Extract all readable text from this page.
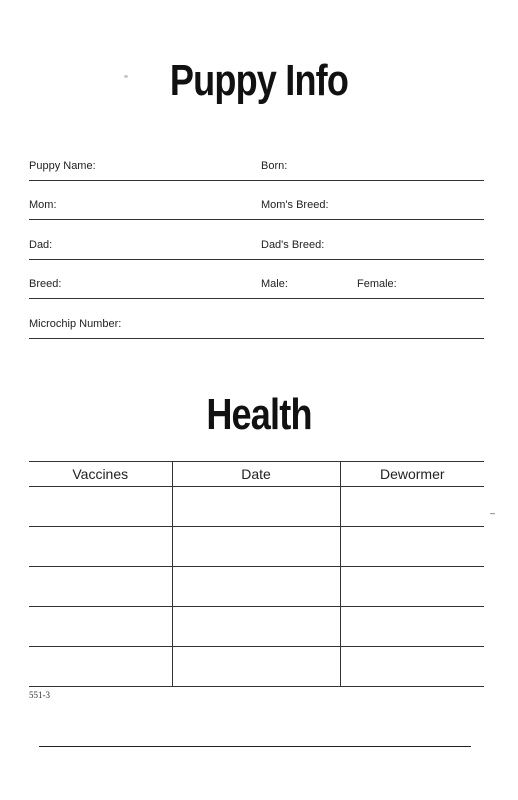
’’ Puppy Info
Puppy Name:	Born:
Mom:	Mom's Breed:
Dad:	Dad's Breed:
Breed:	Male:	Female:
Microchip Number:
Health
Vaccines	Date	Dewormer

‒
551-3
